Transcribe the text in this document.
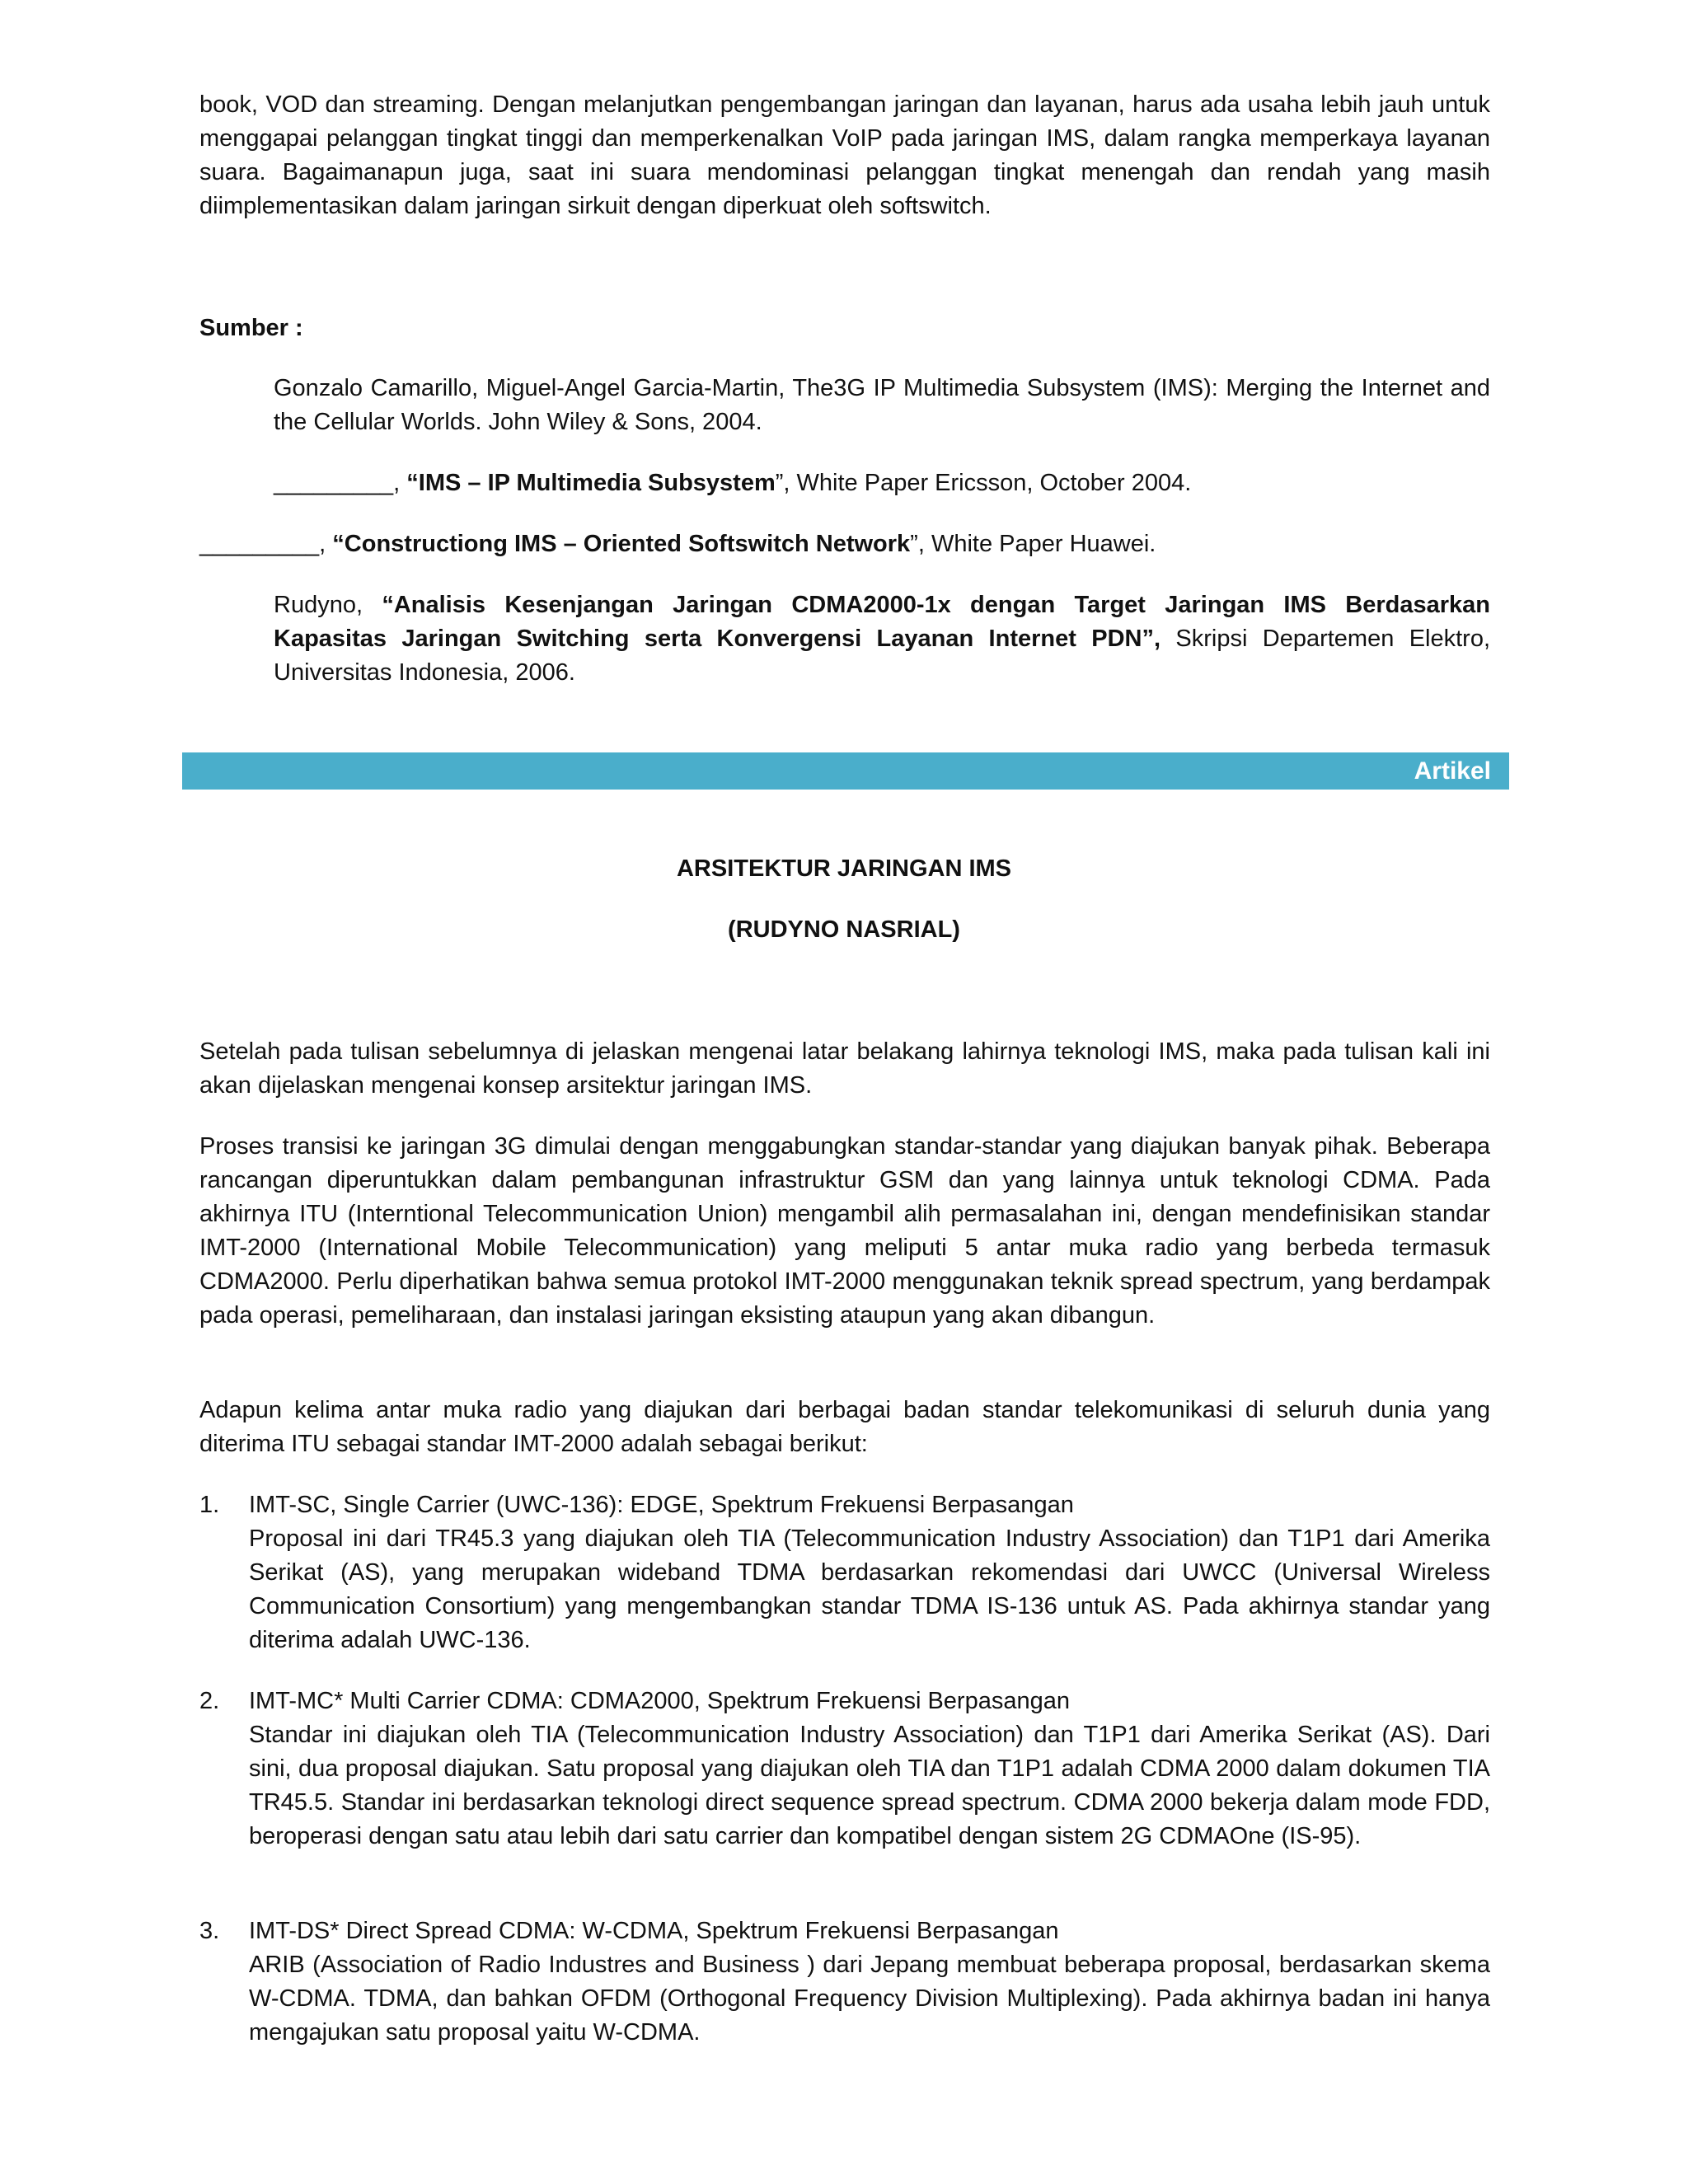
book, VOD dan streaming. Dengan melanjutkan pengembangan jaringan dan layanan, harus ada usaha lebih jauh untuk menggapai pelanggan tingkat tinggi dan memperkenalkan VoIP pada jaringan IMS, dalam rangka memperkaya layanan suara. Bagaimanapun juga, saat ini suara mendominasi pelanggan tingkat menengah dan rendah yang masih diimplementasikan dalam jaringan sirkuit dengan diperkuat oleh softswitch.

Sumber :

Gonzalo Camarillo, Miguel-Angel Garcia-Martin, The3G IP Multimedia Subsystem (IMS): Merging the Internet and the Cellular Worlds. John Wiley & Sons, 2004.

_________, “IMS – IP Multimedia Subsystem”, White Paper Ericsson, October 2004.

_________, “Constructiong IMS – Oriented Softswitch Network”, White Paper Huawei.

Rudyno, “Analisis Kesenjangan Jaringan CDMA2000-1x dengan Target Jaringan IMS Berdasarkan Kapasitas Jaringan Switching serta Konvergensi Layanan Internet PDN”, Skripsi Departemen Elektro, Universitas Indonesia, 2006.

Artikel

ARSITEKTUR JARINGAN IMS

(RUDYNO NASRIAL)

Setelah pada tulisan sebelumnya di jelaskan mengenai latar belakang lahirnya teknologi IMS, maka pada tulisan kali ini akan dijelaskan mengenai konsep arsitektur jaringan IMS.

Proses transisi ke jaringan 3G dimulai dengan menggabungkan standar-standar yang diajukan banyak pihak. Beberapa rancangan diperuntukkan dalam pembangunan infrastruktur GSM dan yang lainnya untuk teknologi CDMA. Pada akhirnya ITU (Interntional Telecommunication Union) mengambil alih permasalahan ini, dengan mendefinisikan standar IMT-2000 (International Mobile Telecommunication) yang meliputi 5 antar muka radio yang berbeda termasuk CDMA2000. Perlu diperhatikan bahwa semua protokol IMT-2000 menggunakan teknik spread spectrum, yang berdampak pada operasi, pemeliharaan, dan instalasi jaringan eksisting ataupun yang akan dibangun.

Adapun kelima antar muka radio yang diajukan dari berbagai badan standar telekomunikasi di seluruh dunia yang diterima ITU sebagai standar IMT-2000 adalah sebagai berikut:

1. IMT-SC, Single Carrier (UWC-136): EDGE, Spektrum Frekuensi Berpasangan

Proposal ini dari TR45.3 yang diajukan oleh TIA (Telecommunication Industry Association) dan T1P1 dari Amerika Serikat (AS), yang merupakan wideband TDMA berdasarkan rekomendasi dari UWCC (Universal Wireless Communication Consortium) yang mengembangkan standar TDMA IS-136 untuk AS. Pada akhirnya standar yang diterima adalah UWC-136.

2. IMT-MC* Multi Carrier CDMA: CDMA2000, Spektrum Frekuensi Berpasangan

Standar ini diajukan oleh TIA (Telecommunication Industry Association) dan T1P1 dari Amerika Serikat (AS). Dari sini, dua proposal diajukan. Satu proposal yang diajukan oleh TIA dan T1P1 adalah CDMA 2000 dalam dokumen TIA TR45.5. Standar ini berdasarkan teknologi direct sequence spread spectrum. CDMA 2000 bekerja dalam mode FDD, beroperasi dengan satu atau lebih dari satu carrier dan kompatibel dengan sistem 2G CDMAOne (IS-95).

3. IMT-DS* Direct Spread CDMA: W-CDMA, Spektrum Frekuensi Berpasangan

ARIB (Association of Radio Industres and Business ) dari Jepang membuat beberapa proposal, berdasarkan skema W-CDMA. TDMA, dan bahkan OFDM (Orthogonal Frequency Division Multiplexing). Pada akhirnya badan ini hanya mengajukan satu proposal yaitu W-CDMA.
